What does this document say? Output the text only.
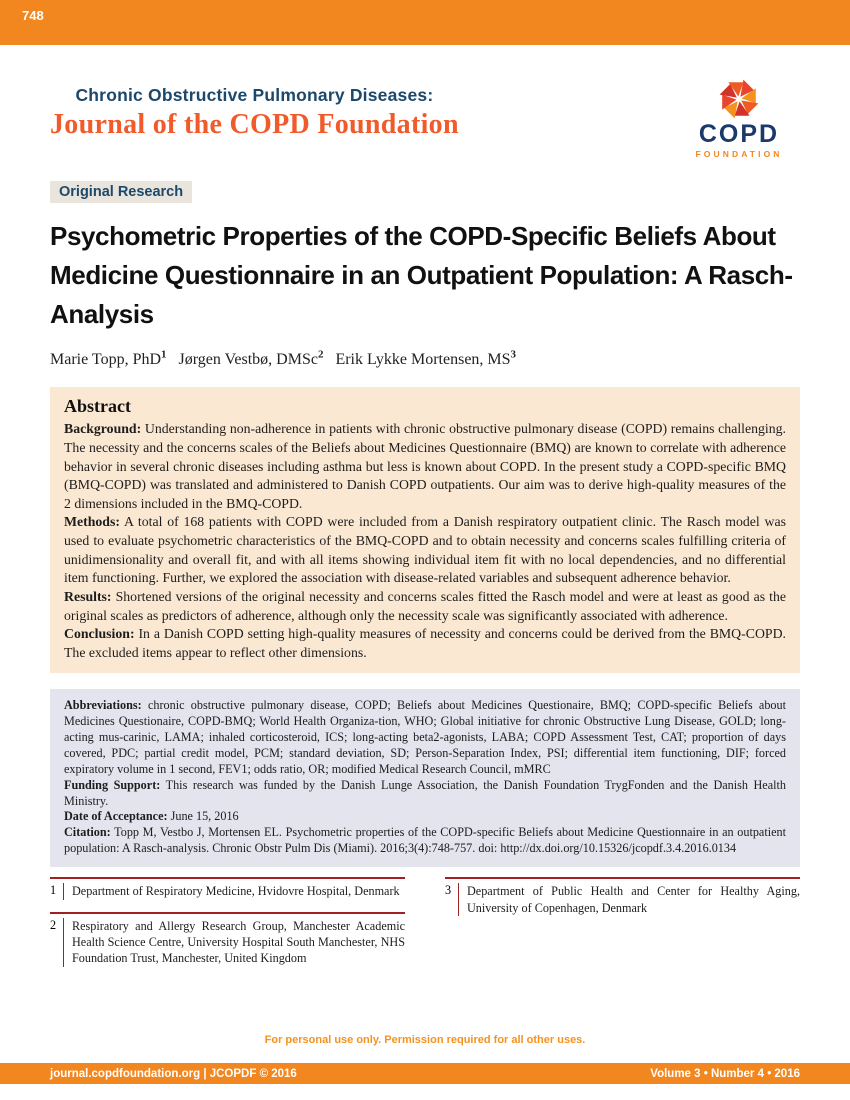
748
Chronic Obstructive Pulmonary Diseases:
Journal of the COPD Foundation	COPD
FOUNDATION
Original Research
Psychometric Properties of the COPD-Specific Beliefs About Medicine Questionnaire in an Outpatient Population: A Rasch-Analysis
Marie Topp, PhD$^1$ Jørgen Vestbø, DMSc$^2$ Erik Lykke Mortensen, $MS^3$
Abstract

Background: Understanding non-adherence in patients with chronic obstructive pulmonary disease (COPD) remains challenging. The necessity and the concerns scales of the Beliefs about Medicines Questionnaire (BMQ) are known to correlate with adherence behavior in several chronic diseases including asthma but less is known about COPD. In the present study a COPD-specific BMQ (BMQ-COPD) was translated and administered to Danish COPD outpatients. Our aim was to derive high-quality measures of the 2 dimensions included in the BMQ-COPD.

Methods: A total of 168 patients with COPD were included from a Danish respiratory outpatient clinic. The Rasch model was used to evaluate psychometric characteristics of the BMQ-COPD and to obtain necessity and concerns scales fulfilling criteria of unidimensionality and overall fit, and with all items showing individual item fit with no local dependencies, and no differential item functioning. Further, we explored the association with disease-related variables and subsequent adherence behavior.

Results: Shortened versions of the original necessity and concerns scales fitted the Rasch model and were at least as good as the original scales as predictors of adherence, although only the necessity scale was significantly associated with adherence.

Conclusion: In a Danish COPD setting high-quality measures of necessity and concerns could be derived from the BMQ-COPD. The excluded items appear to reflect other dimensions.

Abbreviations: chronic obstructive pulmonary disease, COPD; Beliefs about Medicines Questionaire, BMQ; COPD-specific Beliefs about Medicines Questionaire, COPD-BMQ; World Health Organiza-tion, WHO; Global initiative for chronic Obstructive Lung Disease, GOLD; long-acting mus-carinic, LAMA; inhaled corticosteroid, ICS; long-acting beta2-agonists, LABA; COPD Assessment Test, CAT; proportion of days covered, PDC; partial credit model, PCM; standard deviation, SD; Person-Separation Index, PSI; differential item functioning, DIF; forced expiratory volume in 1 second, FEV1; odds ratio, OR; modified Medical Research Council, mMRC

Funding Support: This research was funded by the Danish Lunge Association, the Danish Foundation TrygFonden and the Danish Health Ministry.

Date of Acceptance: June 15, 2016

Citation: Topp M, Vestbo J, Mortensen EL. Psychometric properties of the COPD-specific Beliefs about Medicine Questionnaire in an outpatient population: A Rasch-analysis. Chronic Obstr Pulm Dis (Miami). 2016;3(4):748-757. doi: http://dx.doi.org/10.15326/jcopdf.3.4.2016.0134

1	Department of Respiratory Medicine, Hvidovre Hospital, Denmark
2	Respiratory and Allergy Research Group, Manchester Academic Health Science Centre, University Hospital South Manchester, NHS Foundation Trust, Manchester, United Kingdom
3	Department of Public Health and Center for Healthy Aging, University of Copenhagen, Denmark
For personal use only. Permission required for all other uses.
journal.copdfoundation.org | JCOPDF © 2016	Volume 3 • Number 4 • 2016
